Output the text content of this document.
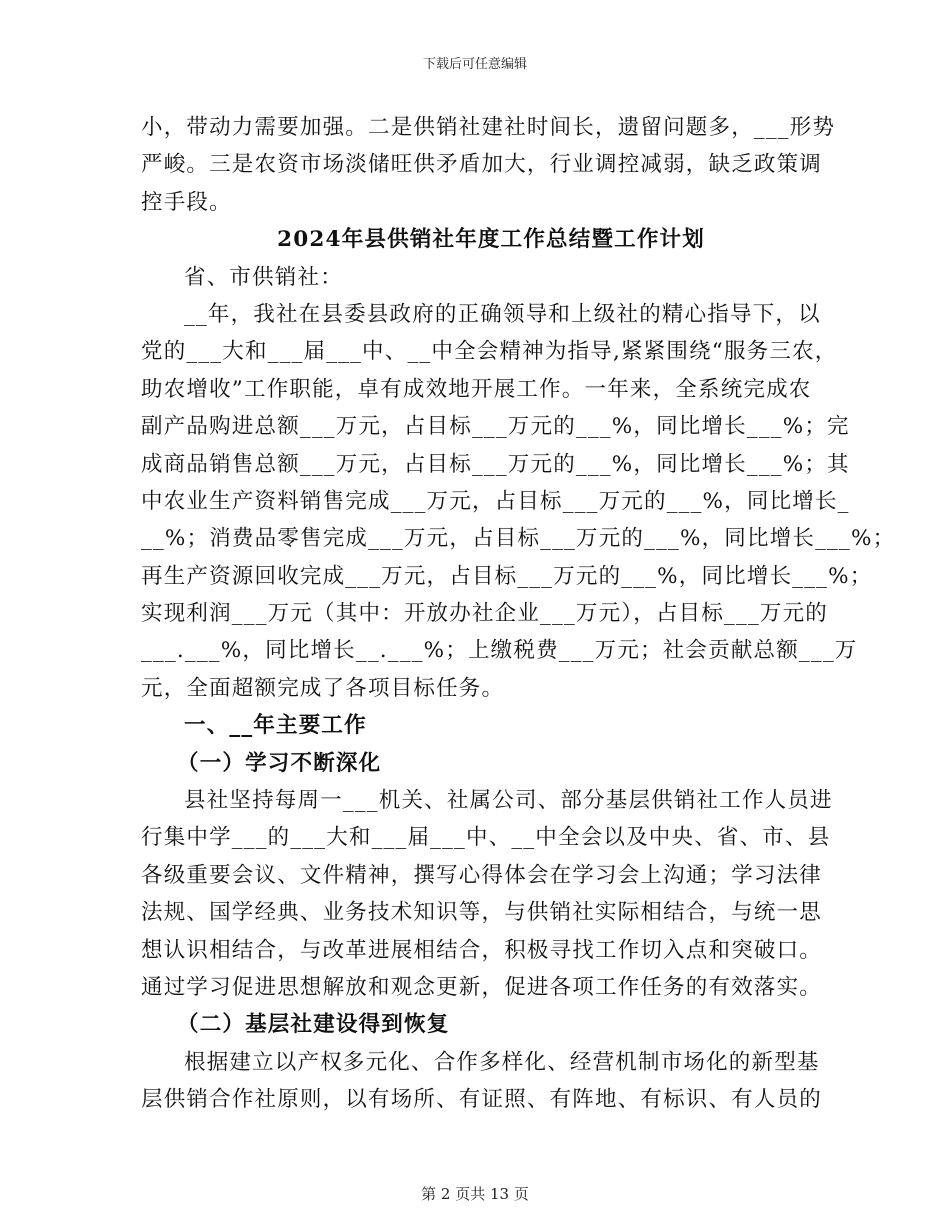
下载后可任意编辑
小，带动力需要加强。二是供销社建社时间长，遗留问题多，___形势
严峻。三是农资市场淡储旺供矛盾加大，行业调控减弱，缺乏政策调
控手段。
2024年县供销社年度工作总结暨工作计划
省、市供销社：
__年，我社在县委县政府的正确领导和上级社的精心指导下，以
党的___大和___届___中、__中全会精神为指导,紧紧围绕“服务三农，
助农增收”工作职能，卓有成效地开展工作。一年来，全系统完成农
副产品购进总额___万元，占目标___万元的___%，同比增长___%；完
成商品销售总额___万元，占目标___万元的___%，同比增长___%；其
中农业生产资料销售完成___万元，占目标___万元的___%，同比增长_
__%；消费品零售完成___万元，占目标___万元的___%，同比增长___%；
再生产资源回收完成___万元，占目标___万元的___%，同比增长___%；
实现利润___万元（其中：开放办社企业___万元），占目标___万元的
___.___%，同比增长__.___%；上缴税费___万元；社会贡献总额___万
元，全面超额完成了各项目标任务。
一、__年主要工作
（一）学习不断深化
县社坚持每周一___机关、社属公司、部分基层供销社工作人员进
行集中学___的___大和___届___中、__中全会以及中央、省、市、县
各级重要会议、文件精神，撰写心得体会在学习会上沟通；学习法律
法规、国学经典、业务技术知识等，与供销社实际相结合，与统一思
想认识相结合，与改革进展相结合，积极寻找工作切入点和突破口。
通过学习促进思想解放和观念更新，促进各项工作任务的有效落实。
（二）基层社建设得到恢复
根据建立以产权多元化、合作多样化、经营机制市场化的新型基
层供销合作社原则，以有场所、有证照、有阵地、有标识、有人员的
第 2 页共 13 页
